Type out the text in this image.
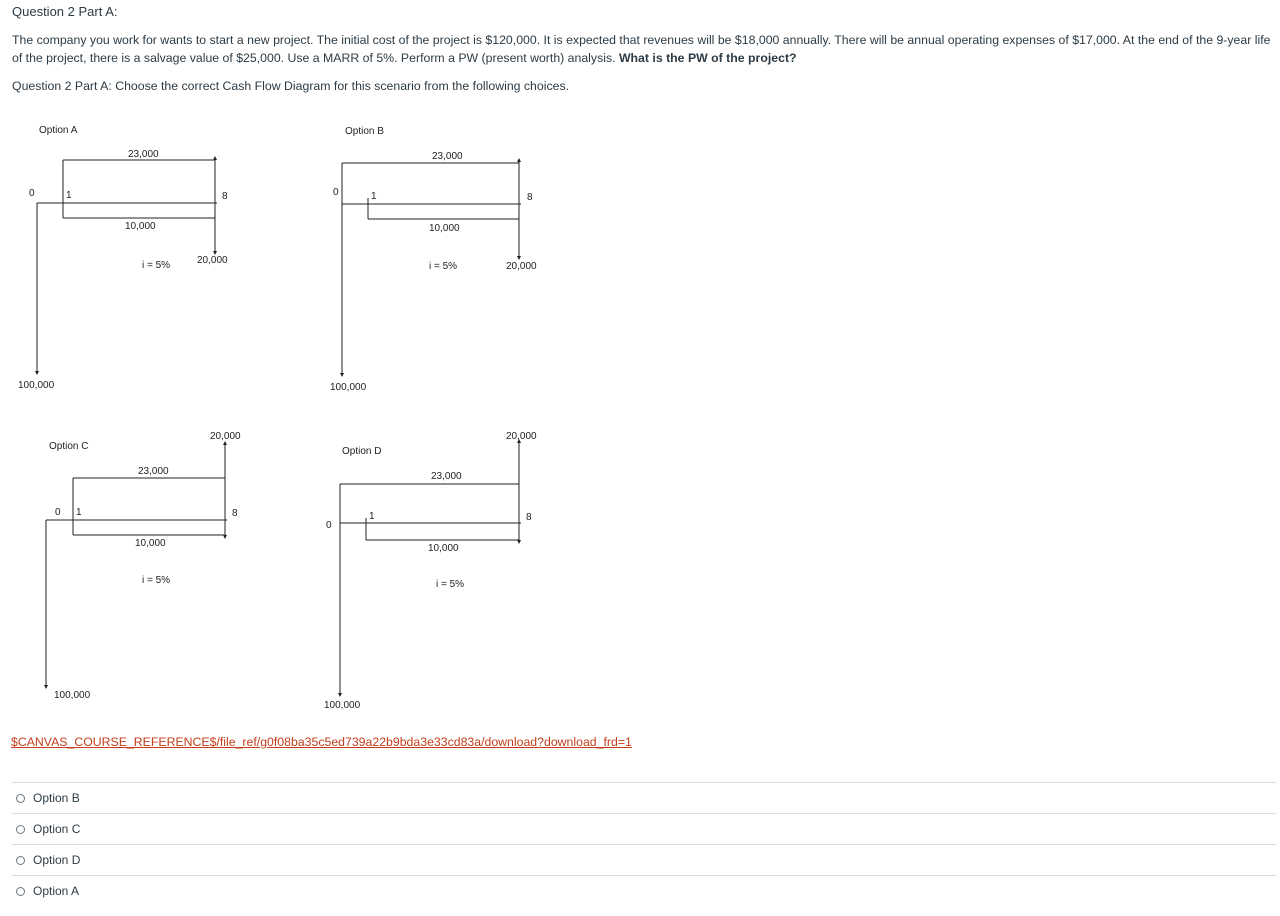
Question 2 Part A:
The company you work for wants to start a new project. The initial cost of the project is $120,000. It is expected that revenues will be $18,000 annually. There will be annual operating expenses of $17,000. At the end of the 9-year life of the project, there is a salvage value of $25,000. Use a MARR of 5%. Perform a PW (present worth) analysis. What is the PW of the project?
Question 2 Part A: Choose the correct Cash Flow Diagram for this scenario from the following choices.
Option A
0	1	8
23,000
10,000
i = 5%	20,000
100,000
Option B
0	1	8
23,000
10,000
i = 5%	20,000
100,000
Option C
0 1	8
23,000
10,000
i = 5%
20,000
100,000
Option D
0
1	8
23,000
10,000
i = 5%
20,000
100,000
$CANVAS_COURSE_REFERENCE$/file_ref/g0f08ba35c5ed739a22b9bda3e33cd83a/download?download_frd=1
Option B
Option C
Option D
Option A
